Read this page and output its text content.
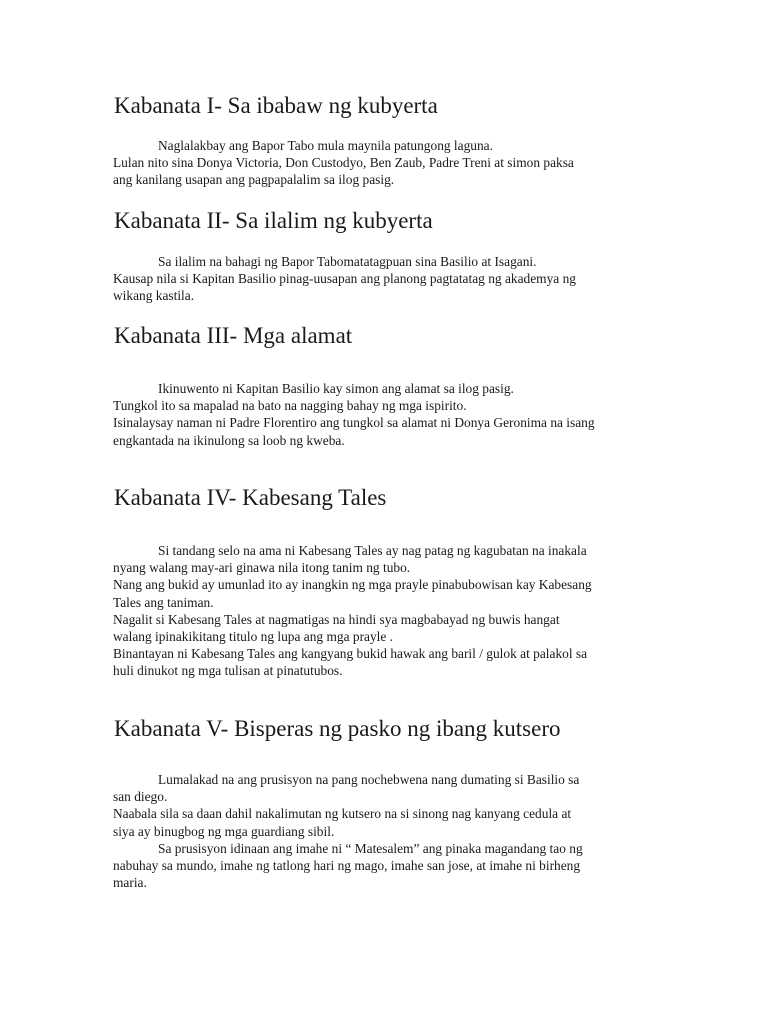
Kabanata I- Sa ibabaw ng kubyerta
Naglalakbay ang Bapor Tabo mula maynila patungong laguna.
Lulan nito sina Donya Victoria, Don Custodyo, Ben Zaub, Padre Treni at simon paksa
ang kanilang usapan ang pagpapalalim sa ilog pasig.
Kabanata II- Sa ilalim ng kubyerta
Sa ilalim na bahagi ng Bapor Tabomatatagpuan sina Basilio at Isagani.
Kausap nila si Kapitan Basilio pinag-uusapan ang planong pagtatatag ng akademya ng
wikang kastila.
Kabanata III- Mga alamat
Ikinuwento ni Kapitan Basilio kay simon ang alamat sa ilog pasig.
Tungkol ito sa mapalad na bato na nagging bahay ng mga ispirito.
Isinalaysay naman ni Padre Florentiro ang tungkol sa alamat ni Donya Geronima na isang
engkantada na ikinulong sa loob ng kweba.
Kabanata IV- Kabesang Tales
Si tandang selo na ama ni Kabesang Tales ay nag patag ng kagubatan na inakala
nyang walang may-ari ginawa nila itong tanim ng tubo.
Nang ang bukid ay umunlad ito ay inangkin ng mga prayle pinabubowisan kay Kabesang
Tales ang taniman.
Nagalit si Kabesang Tales at nagmatigas na hindi sya magbabayad ng buwis hangat
walang ipinakikitang titulo ng lupa ang mga prayle .
Binantayan ni Kabesang Tales ang kangyang bukid hawak ang baril / gulok at palakol sa
huli dinukot ng mga tulisan at pinatutubos.
Kabanata V- Bisperas ng pasko ng ibang kutsero
Lumalakad na ang prusisyon na pang nochebwena nang dumating si Basilio sa
san diego.
Naabala sila sa daan dahil nakalimutan ng kutsero na si sinong nag kanyang cedula at
siya ay binugbog ng mga guardiang sibil.
Sa prusisyon idinaan ang imahe ni “ Matesalem” ang pinaka magandang tao ng
nabuhay sa mundo, imahe ng tatlong hari ng mago, imahe san jose, at imahe ni birheng
maria.
